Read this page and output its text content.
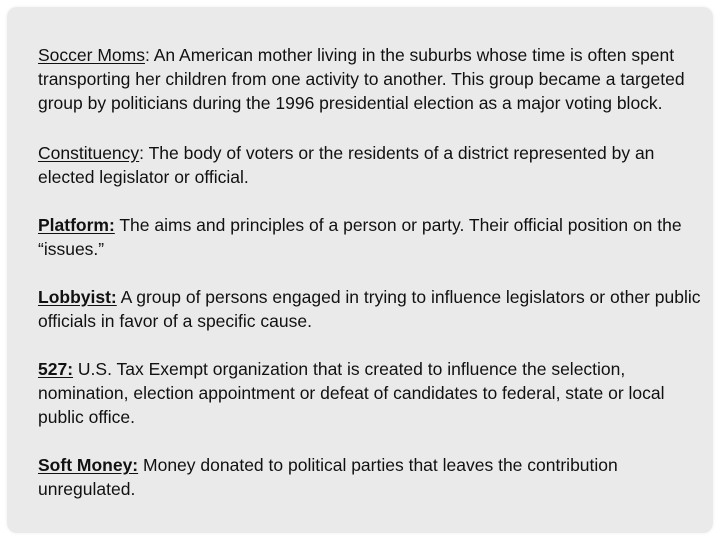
Soccer Moms: An American mother living in the suburbs whose time is often spent transporting her children from one activity to another. This group became a targeted group by politicians during the 1996 presidential election as a major voting block.
Constituency: The body of voters or the residents of a district represented by an elected legislator or official.
Platform: The aims and principles of a person or party. Their official position on the “issues.”
Lobbyist: A group of persons engaged in trying to influence legislators or other public officials in favor of a specific cause.
527: U.S. Tax Exempt organization that is created to influence the selection, nomination, election appointment or defeat of candidates to federal, state or local public office.
Soft Money: Money donated to political parties that leaves the contribution unregulated.
